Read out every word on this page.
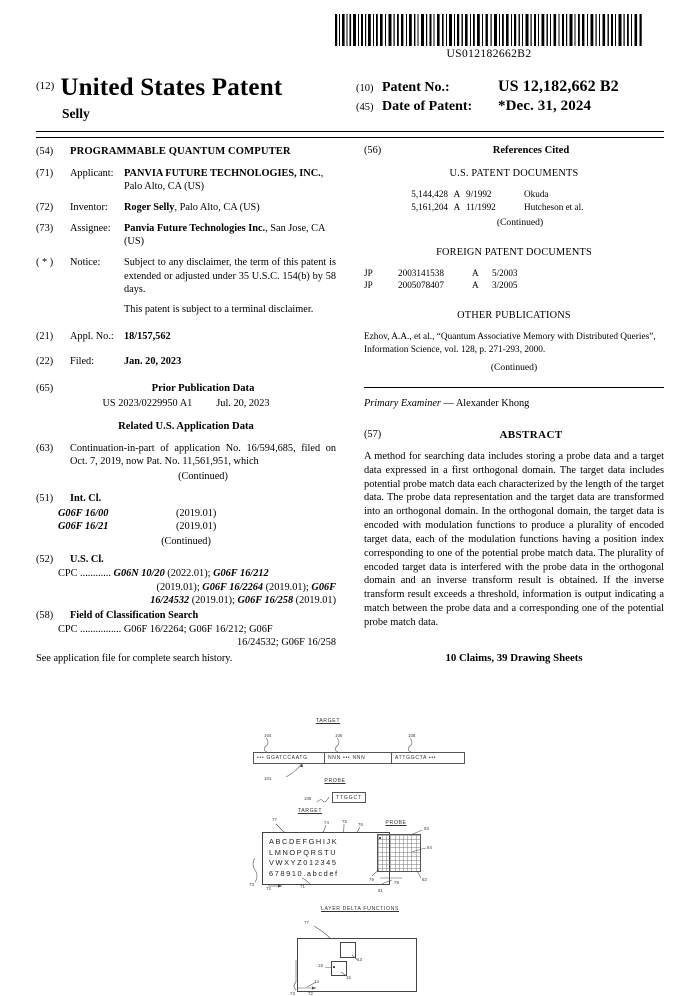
US012182662B2
$^{(12)}$ United States Patent
Selly
(10) Patent No.:	US 12,182,662 B2
(45) Date of Patent:	*Dec. 31, 2024
(54)	PROGRAMMABLE QUANTUM COMPUTER
(71)	Applicant:	PANVIA FUTURE TECHNOLOGIES, INC., Palo Alto, CA (US)
(72)	Inventor:	Roger Selly, Palo Alto, CA (US)
(73)	Assignee:	Panvia Future Technologies Inc., San Jose, CA (US)
( * )	Notice:	Subject to any disclaimer, the term of this patent is extended or adjusted under 35 U.S.C. 154(b) by 58 days.
This patent is subject to a terminal disclaimer.
(21)	Appl. No.: 18/157,562
(22)	Filed:	Jan. 20, 2023
(65)	Prior Publication Data
US 2023/0229950 A1 Jul. 20, 2023
Related U.S. Application Data
(63)	Continuation-in-part of application No. 16/594,685, filed on Oct. 7, 2019, now Pat. No. 11,561,951, which
(Continued)
(51)	Int. Cl.
G06F 16/00	(2019.01)
G06F 16/21	(2019.01)
(Continued)
(52)	U.S. Cl.
CPC ............ G06N 10/20 (2022.01); G06F 16/212
(2019.01); G06F 16/2264 (2019.01); G06F
16/24532 (2019.01); G06F 16/258 (2019.01)
(58)	Field of Classification Search
CPC ................ G06F 16/2264; G06F 16/212; G06F
16/24532; G06F 16/258
See application file for complete search history.
(56)	References Cited
U.S. PATENT DOCUMENTS
5,144,428 A 9/1992	Okuda
5,161,204 A 11/1992	Hutcheson et al.
(Continued)
FOREIGN PATENT DOCUMENTS
JP	2003141538	A	5/2003
JP	2005078407	A	3/2005
OTHER PUBLICATIONS
Ezhov, A.A., et al., “Quantum Associative Memory with Distributed Queries”, Information Science, vol. 128, p. 271-293, 2000.
(Continued)
Primary Examiner — Alexander Khong
(57)	ABSTRACT
A method for searching data includes storing a probe data and a target data expressed in a first orthogonal domain. The target data includes potential probe match data each characterized by the length of the target data. The probe data representation and the target data are transformed into an orthogonal domain. In the orthogonal domain, the target data is encoded with modulation functions to produce a plurality of encoded target data, each of the modulation functions having a position index corresponding to one of the potential probe match data. The plurality of encoded target data is interfered with the probe data in the orthogonal domain and an inverse transform result is obtained. If the inverse transform result exceeds a threshold, information is output indicating a match between the probe data and a corresponding one of the potential probe match data.
10 Claims, 39 Drawing Sheets
TARGET
104	106	108
••• GGATCCAATG	NNN ••• NNN	ATTGGCTA •••
101	PROBE
105	TTGGCT
TARGET
77
74	75
76
ABCDEFGHIJK
LMNOPQRSTU
VWXYZ012345
678910.abcdef
73
72	71
PROBE
83
84
82
79
78
81
LAYER DELTA FUNCTIONS
77
13
18
15
14
73	72
